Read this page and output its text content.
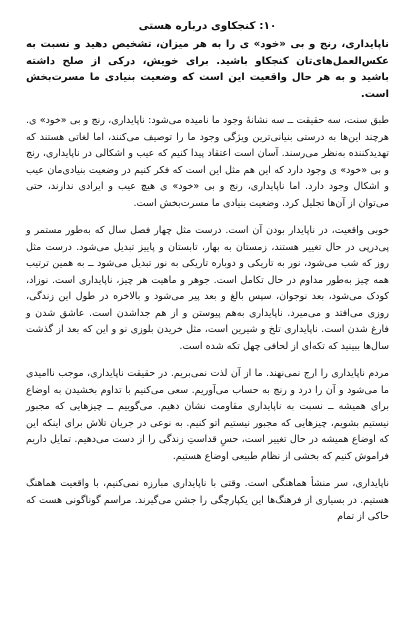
۱۰: کنجکاوی درباره هستی

ناپایداری، رنج و بی «خود» ی را به هر میزان، تشخیص دهید و نسبت به عکس‌العمل‌های‌تان کنجکاو باشید. برای خویش، درکی از صلح داشته باشید و به هر حال واقعیت این است که وضعیت بنیادی ما مسرت‌بخش است.

طبق سنت، سه حقیقت ــ سه نشانهٔ وجود ما نامیده می‌شود: ناپایداری، رنج و بی «خود» ی. هرچند این‌ها به درستی بنیانی‌ترین ویژگی وجود ما را توصیف می‌کنند، اما لغاتی هستند که تهدیدکننده به‌نظر می‌رسند. آسان است اعتقاد پیدا کنیم که عیب و اشکالی در ناپایداری، رنج و بی «خود» ی وجود دارد که این هم مثل این است که فکر کنیم در وضعیت بنیادی‌مان عیب و اشکال وجود دارد. اما ناپایداری، رنج و بی «خود» ی هیچ عیب و ایرادی ندارند، حتی می‌توان از آن‌ها تجلیل کرد. وضعیت بنیادی ما مسرت‌بخش است.

خوبی واقعیت، در ناپایدار بودن آن است. درست مثل چهار فصل سال که به‌طور مستمر و پی‌درپی در حال تغییر هستند، زمستان به بهار، تابستان و پاییز تبدیل می‌شود. درست مثل روز که شب می‌شود، نور به تاریکی و دوباره تاریکی به نور تبدیل می‌شود ــ به همین ترتیب همه چیز به‌طور مداوم در حال تکامل است. جوهر و ماهیت هر چیز، ناپایداری است. نوزاد، کودک می‌شود، بعد نوجوان، سپس بالغ و بعد پیر می‌شود و بالاخره در طول این زندگی، روزی می‌افتد و می‌میرد. ناپایداری به‌هم پیوستن و از هم جداشدن است. عاشق شدن و فارغ شدن است. ناپایداری تلخ و شیرین است، مثل خریدن بلوزی نو و این که بعد از گذشت سال‌ها ببینید که تکه‌ای از لحافی چهل تکه شده است.

مردم ناپایداری را ارج نمی‌نهند. ما از آن لذت نمی‌بریم. در حقیقت ناپایداری، موجب ناامیدی ما می‌شود و آن را درد و رنج به حساب می‌آوریم. سعی می‌کنیم با تداوم بخشیدن به اوضاع برای همیشه ــ نسبت به ناپایداری مقاومت نشان دهیم. می‌گوییم ــ چیزهایی که مجبور نیستیم بشویم، چیزهایی که مجبور نیستیم اتو کنیم. به نوعی در جریان تلاش برای اینکه این که اوضاع همیشه در حال تغییر است، حسِ قداستِ زندگی را از دست می‌دهیم. تمایل داریم فراموش کنیم که بخشی از نظام طبیعی اوضاع هستیم.

ناپایداری، سر منشأ هماهنگی است. وقتی با ناپایداری مبارزه نمی‌کنیم، با واقعیت هماهنگ هستیم. در بسیاری از فرهنگ‌ها این یکپارچگی را جشن می‌گیرند. مراسم گوناگونی هست که حاکی از تمام
